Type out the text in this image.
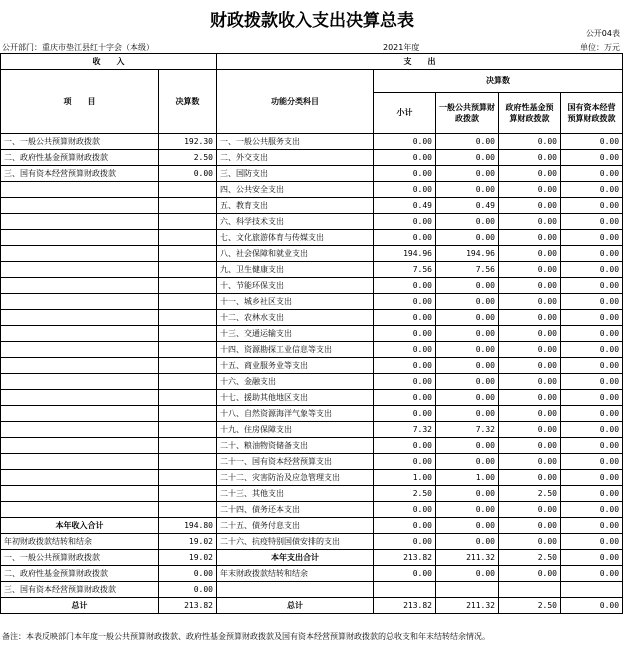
财政拨款收入支出决算总表
公开04表
公开部门：重庆市垫江县红十字会（本级）	2021年度	单位：万元
收　　入		支　　出				
项　　目	决算数	功能分类科目	决算数			
			小计	一般公共预算财政拨款	政府性基金预算财政拨款	国有资本经营预算财政拨款

一、一般公共预算财政拨款	192.30	一、一般公共服务支出	0.00	0.00	0.00	0.00
二、政府性基金预算财政拨款	2.50	二、外交支出	0.00	0.00	0.00	0.00
三、国有资本经营预算财政拨款	0.00	三、国防支出	0.00	0.00	0.00	0.00
		四、公共安全支出	0.00	0.00	0.00	0.00
		五、教育支出	0.49	0.49	0.00	0.00
		六、科学技术支出	0.00	0.00	0.00	0.00
		七、文化旅游体育与传媒支出	0.00	0.00	0.00	0.00
		八、社会保障和就业支出	194.96	194.96	0.00	0.00
		九、卫生健康支出	7.56	7.56	0.00	0.00
		十、节能环保支出	0.00	0.00	0.00	0.00
		十一、城乡社区支出	0.00	0.00	0.00	0.00
		十二、农林水支出	0.00	0.00	0.00	0.00
		十三、交通运输支出	0.00	0.00	0.00	0.00
		十四、资源勘探工业信息等支出	0.00	0.00	0.00	0.00
		十五、商业服务业等支出	0.00	0.00	0.00	0.00
		十六、金融支出	0.00	0.00	0.00	0.00
		十七、援助其他地区支出	0.00	0.00	0.00	0.00
		十八、自然资源海洋气象等支出	0.00	0.00	0.00	0.00
		十九、住房保障支出	7.32	7.32	0.00	0.00
		二十、粮油物资储备支出	0.00	0.00	0.00	0.00
		二十一、国有资本经营预算支出	0.00	0.00	0.00	0.00
		二十二、灾害防治及应急管理支出	1.00	1.00	0.00	0.00
		二十三、其他支出	2.50	0.00	2.50	0.00
		二十四、债务还本支出	0.00	0.00	0.00	0.00
本年收入合计	194.80	二十五、债务付息支出	0.00	0.00	0.00	0.00
年初财政拨款结转和结余	19.02	二十六、抗疫特别国债安排的支出	0.00	0.00	0.00	0.00
一、一般公共预算财政拨款	19.02	本年支出合计	213.82	211.32	2.50	0.00
二、政府性基金预算财政拨款	0.00	年末财政拨款结转和结余	0.00	0.00	0.00	0.00
三、国有资本经营预算财政拨款	0.00					
总计	213.82	总计	213.82	211.32	2.50	0.00
备注：本表反映部门本年度一般公共预算财政拨款、政府性基金预算财政拨款及国有资本经营预算财政拨款的总收支和年末结转结余情况。
